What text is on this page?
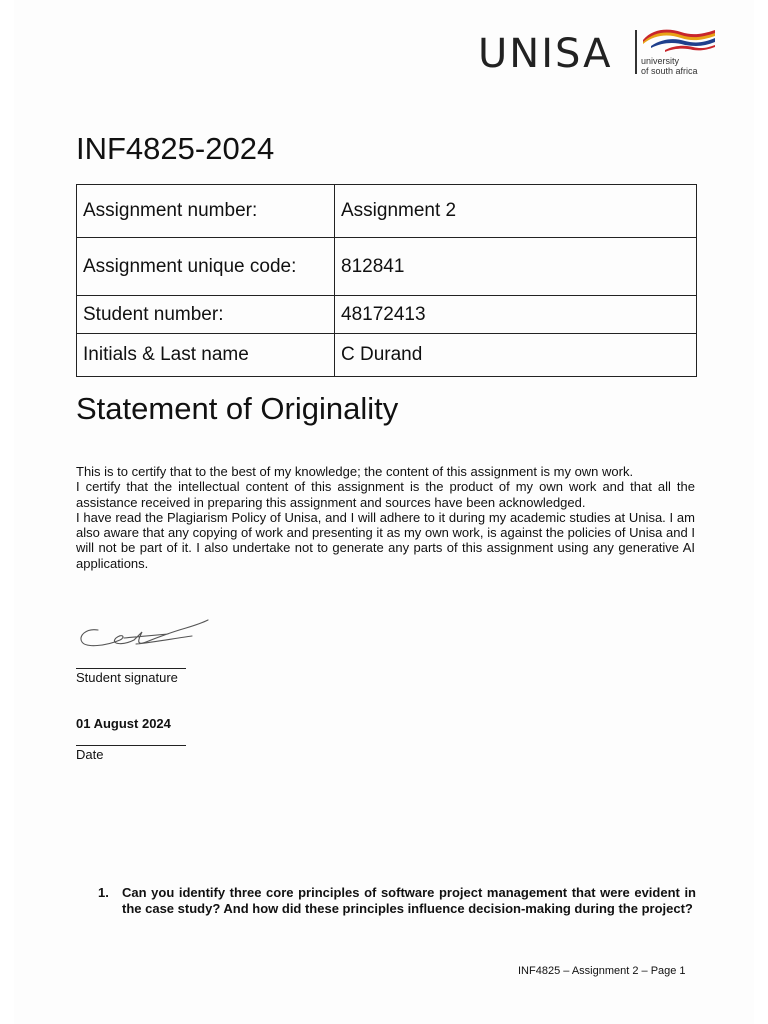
UNISA	university
of south africa
INF4825-2024
Assignment number:	Assignment 2
Assignment unique code:	812841
Student number:	48172413
Initials & Last name	C Durand
Statement of Originality

This is to certify that to the best of my knowledge; the content of this assignment is my own work.

I certify that the intellectual content of this assignment is the product of my own work and that all the assistance received in preparing this assignment and sources have been acknowledged.

I have read the Plagiarism Policy of Unisa, and I will adhere to it during my academic studies at Unisa. I am also aware that any copying of work and presenting it as my own work, is against the policies of Unisa and I will not be part of it. I also undertake not to generate any parts of this assignment using any generative AI applications.

Student signature
01 August 2024
Date
1. Can you identify three core principles of software project management that were evident in the case study? And how did these principles influence decision-making during the project?
INF4825 – Assignment 2 – Page 1
